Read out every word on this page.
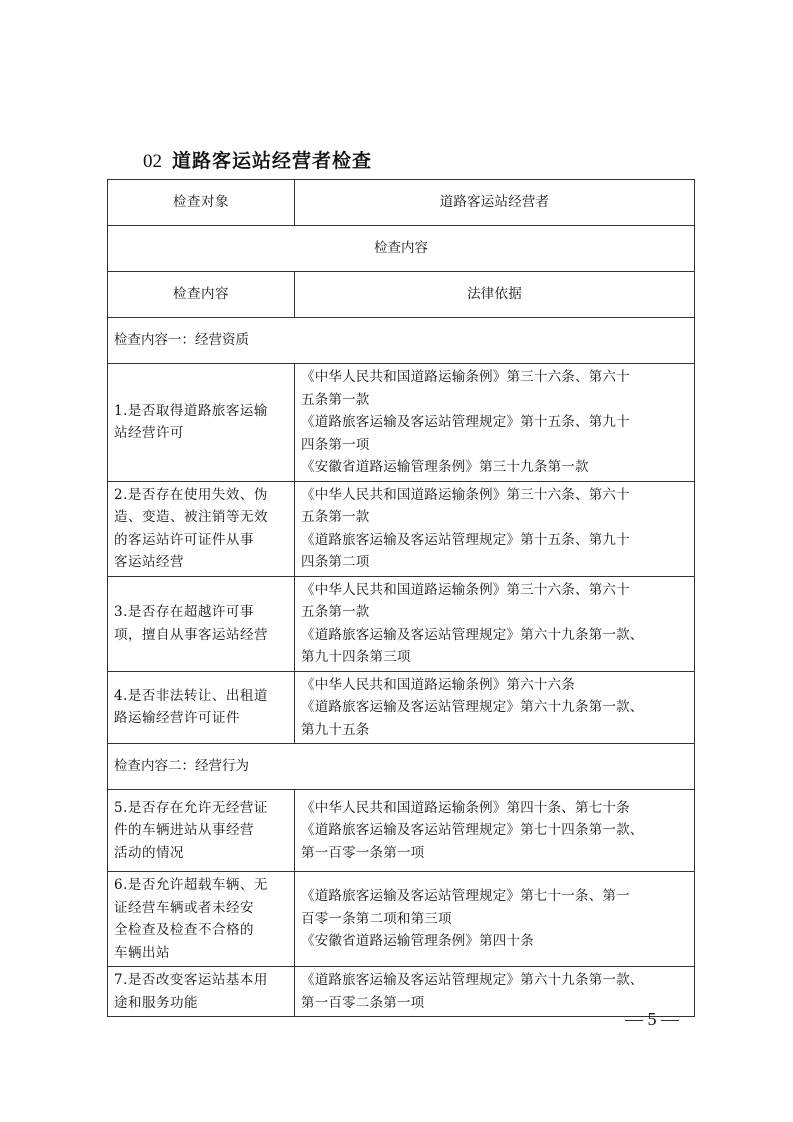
02 道路客运站经营者检查
检查对象	道路客运站经营者
检查内容	
检查内容	法律依据
检查内容一：经营资质	

1.是否取得道路旅客运输
站经营许可	《中华人民共和国道路运输条例》第三十六条、第六十
五条第一款
《道路旅客运输及客运站管理规定》第十五条、第九十
四条第一项
《安徽省道路运输管理条例》第三十九条第一款

2.是否存在使用失效、伪
造、变造、被注销等无效
的客运站许可证件从事
客运站经营	《中华人民共和国道路运输条例》第三十六条、第六十
五条第一款
《道路旅客运输及客运站管理规定》第十五条、第九十
四条第二项

3.是否存在超越许可事
项，擅自从事客运站经营	《中华人民共和国道路运输条例》第三十六条、第六十
五条第一款
《道路旅客运输及客运站管理规定》第六十九条第一款、
第九十四条第三项

4.是否非法转让、出租道
路运输经营许可证件	《中华人民共和国道路运输条例》第六十六条
《道路旅客运输及客运站管理规定》第六十九条第一款、
第九十五条

检查内容二：经营行为	

5.是否存在允许无经营证
件的车辆进站从事经营
活动的情况	《中华人民共和国道路运输条例》第四十条、第七十条
《道路旅客运输及客运站管理规定》第七十四条第一款、
第一百零一条第一项

6.是否允许超载车辆、无
证经营车辆或者未经安
全检查及检查不合格的
车辆出站	《道路旅客运输及客运站管理规定》第七十一条、第一
百零一条第二项和第三项
《安徽省道路运输管理条例》第四十条

7.是否改变客运站基本用
途和服务功能	《道路旅客运输及客运站管理规定》第六十九条第一款、
第一百零二条第一项
— 5 —
